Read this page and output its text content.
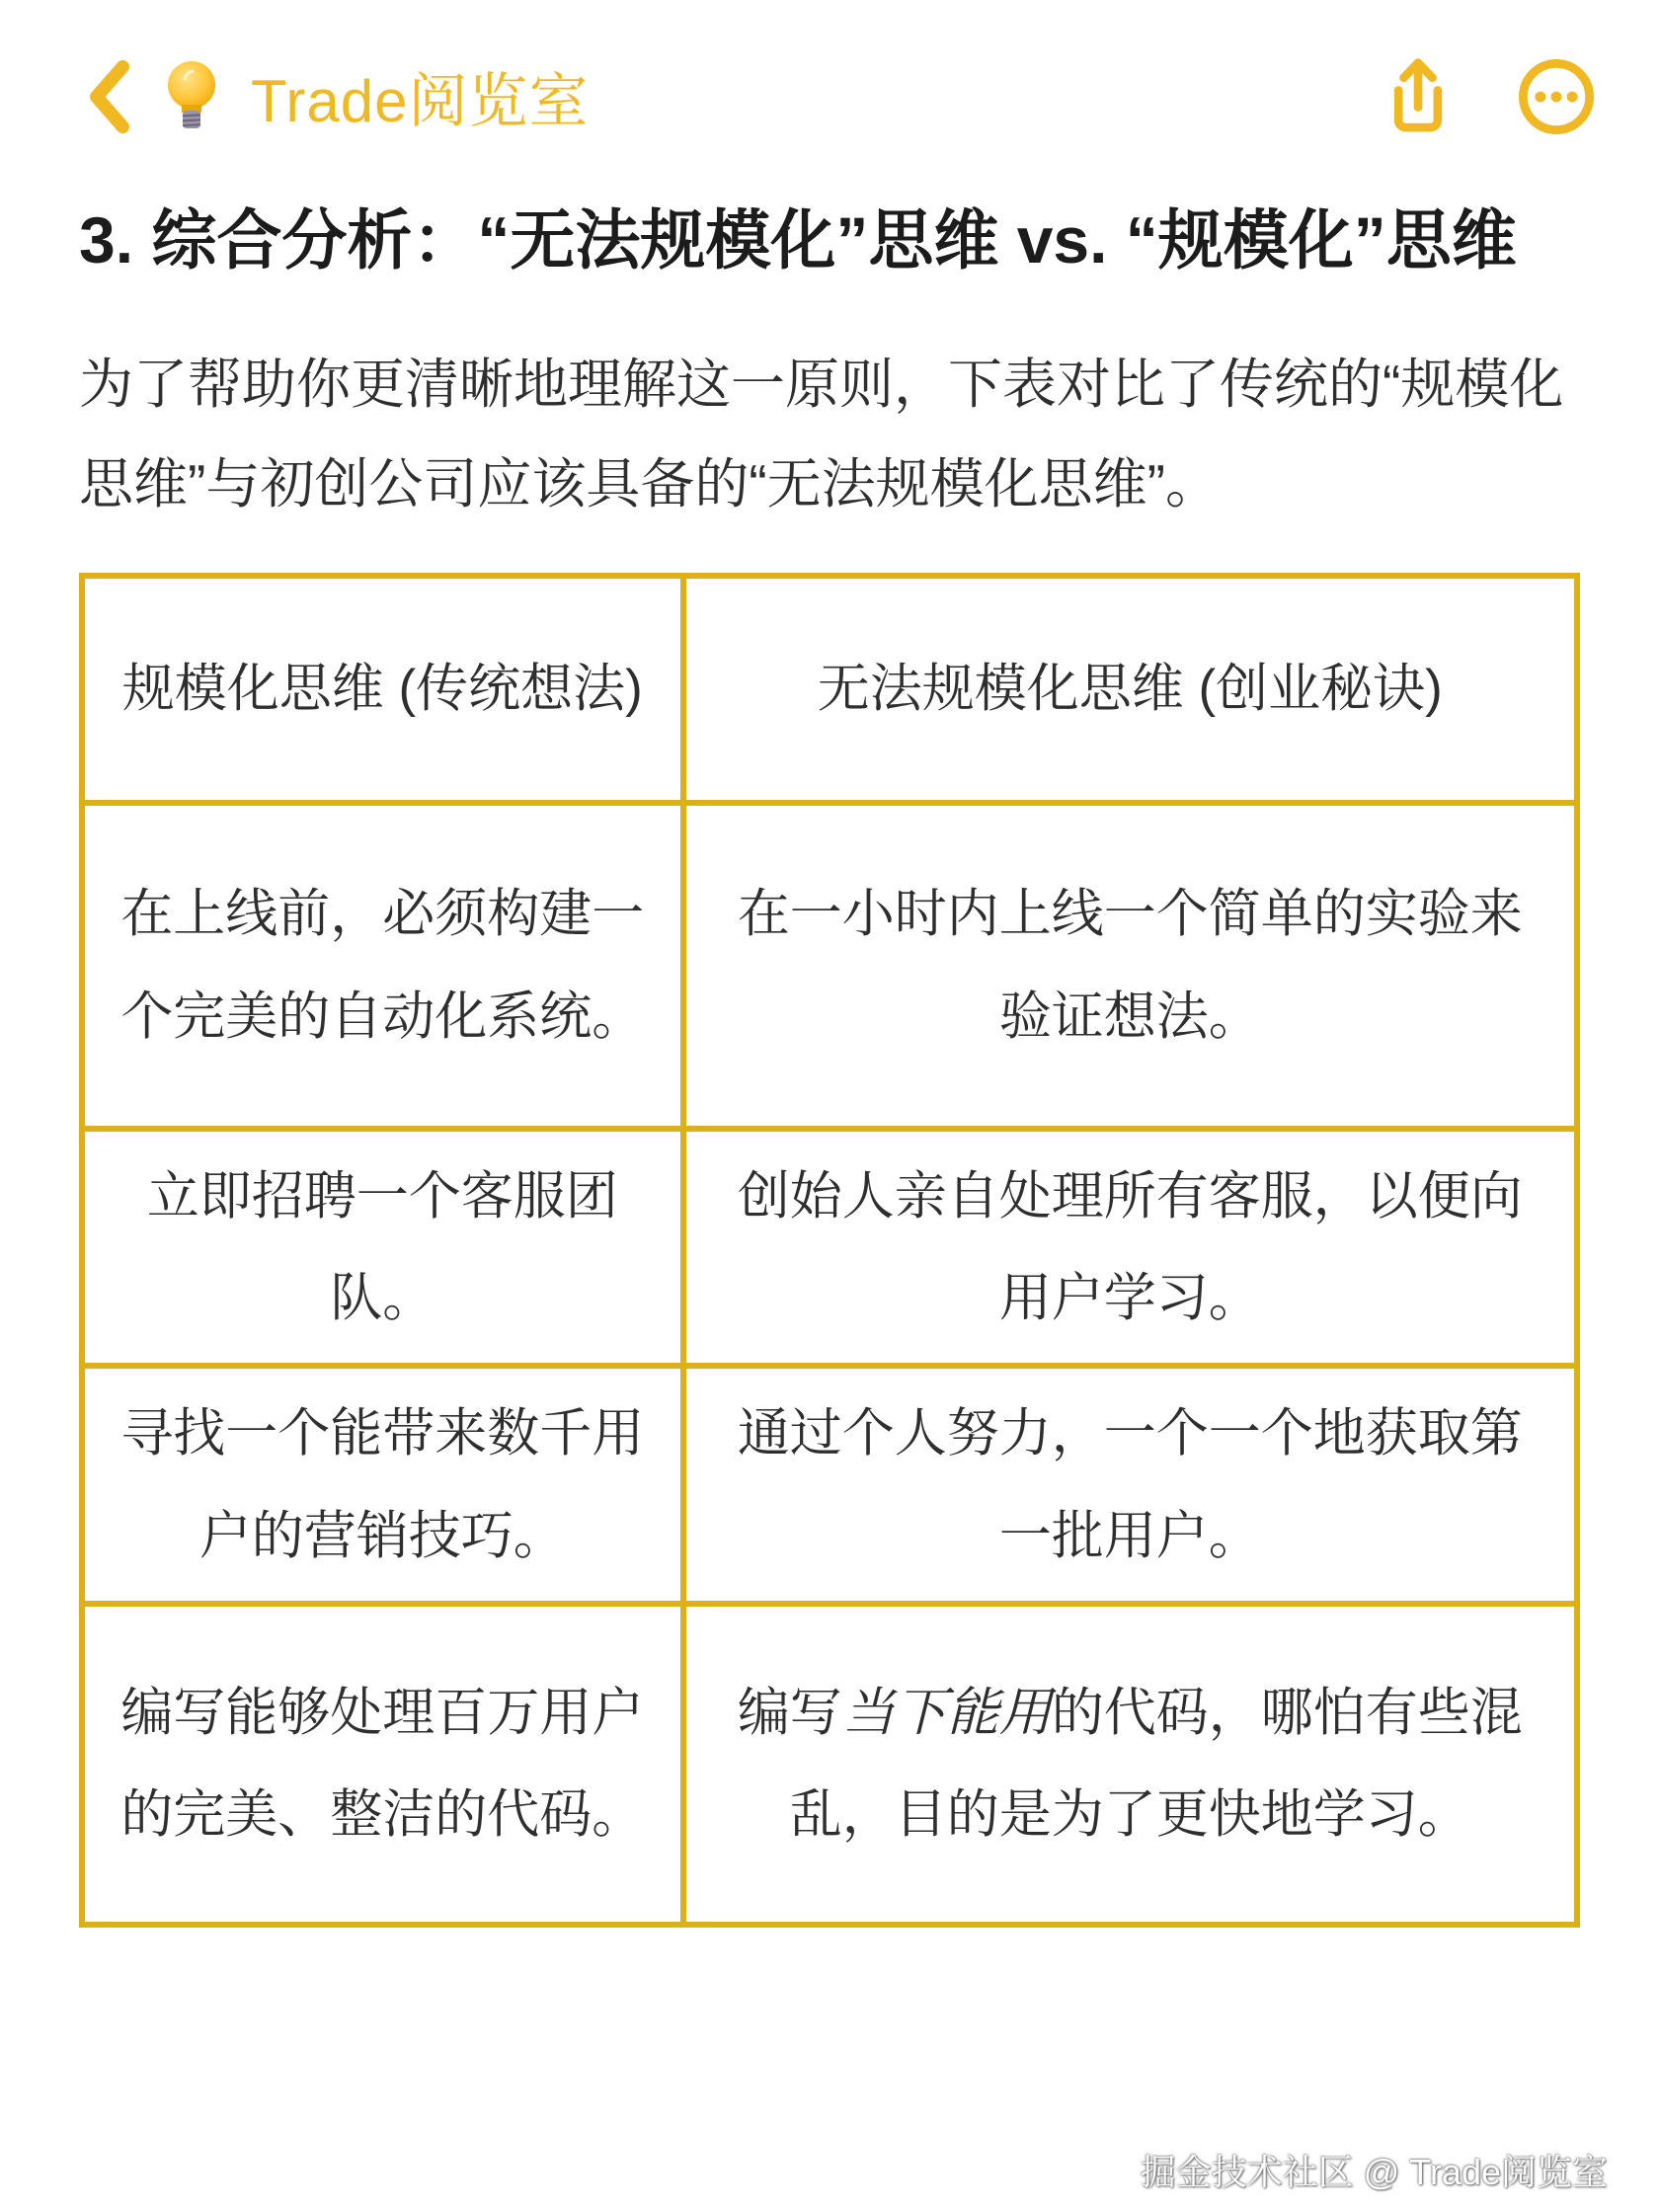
Trade阅览室
3. 综合分析：“无法规模化”思维 vs. “规模化”思维

为了帮助你更清晰地理解这一原则，下表对比了传统的“规模化思维”与初创公司应该具备的“无法规模化思维”。

规模化思维 (传统想法)	无法规模化思维 (创业秘诀)
在上线前，必须构建一个完美的自动化系统。	在一小时内上线一个简单的实验来验证想法。
立即招聘一个客服团队。	创始人亲自处理所有客服，以便向用户学习。
寻找一个能带来数千用户的营销技巧。	通过个人努力，一个一个地获取第一批用户。
编写能够处理百万用户的完美、整洁的代码。	编写当下能用的代码，哪怕有些混乱，目的是为了更快地学习。
掘金技术社区 @ Trade阅览室
